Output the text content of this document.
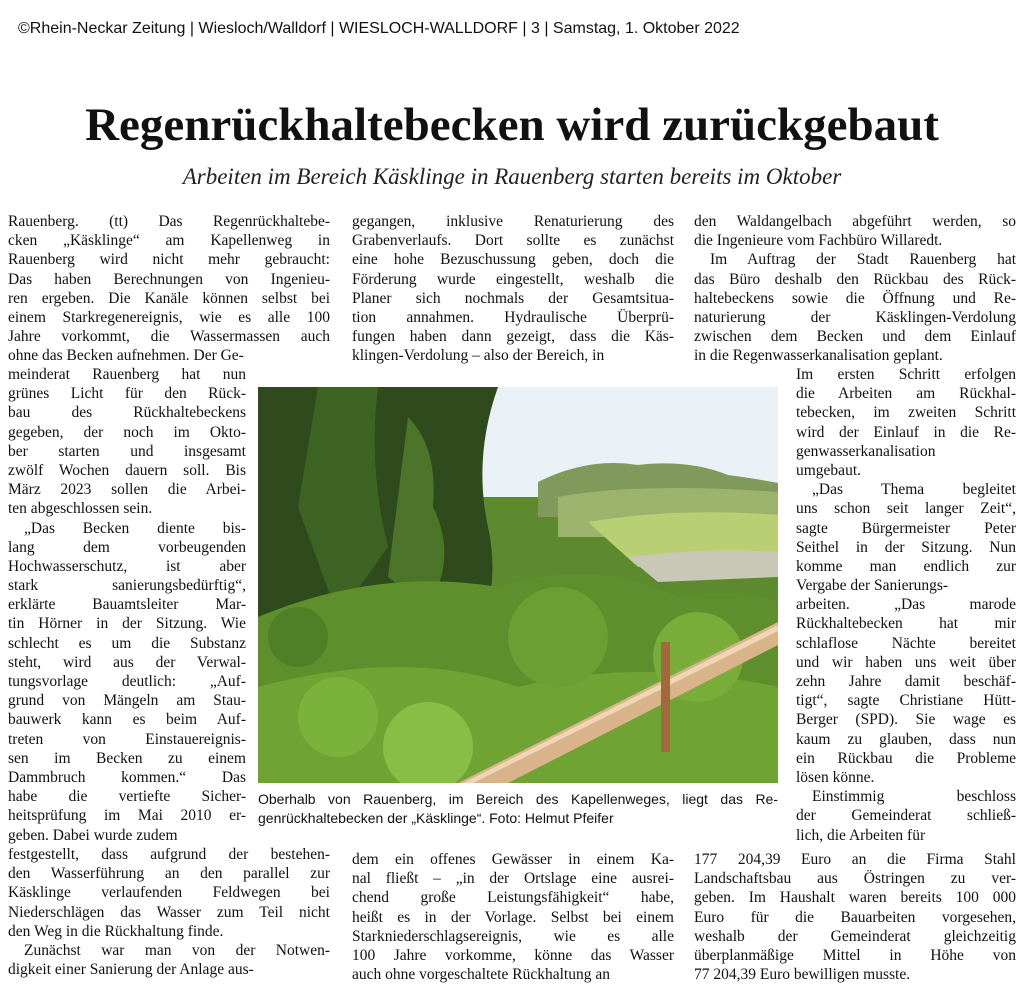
©Rhein-Neckar Zeitung | Wiesloch/Walldorf | WIESLOCH-WALLDORF | 3 | Samstag, 1. Oktober 2022
Regenrückhaltebecken wird zurückgebaut
Arbeiten im Bereich Käsklinge in Rauenberg starten bereits im Oktober
Rauenberg. (tt) Das Regenrückhaltebe-
cken „Käsklinge“ am Kapellenweg in
Rauenberg wird nicht mehr gebraucht:
Das haben Berechnungen von Ingenieu-
ren ergeben. Die Kanäle können selbst bei
einem Starkregenereignis, wie es alle 100
Jahre vorkommt, die Wassermassen auch
ohne das Becken aufnehmen. Der Ge-
meinderat Rauenberg hat nun
grünes Licht für den Rück-
bau des Rückhaltebeckens
gegeben, der noch im Okto-
ber starten und insgesamt
zwölf Wochen dauern soll. Bis
März 2023 sollen die Arbei-
ten abgeschlossen sein.
„Das Becken diente bis-
lang dem vorbeugenden
Hochwasserschutz, ist aber
stark sanierungsbedürftig“,
erklärte Bauamtsleiter Mar-
tin Hörner in der Sitzung. Wie
schlecht es um die Substanz
steht, wird aus der Verwal-
tungsvorlage deutlich: „Auf-
grund von Mängeln am Stau-
bauwerk kann es beim Auf-
treten von Einstauereignis-
sen im Becken zu einem
Dammbruch kommen.“ Das
habe die vertiefte Sicher-
heitsprüfung im Mai 2010 er-
geben. Dabei wurde zudem
festgestellt, dass aufgrund der bestehen-
den Wasserführung an den parallel zur
Käsklinge verlaufenden Feldwegen bei
Niederschlägen das Wasser zum Teil nicht
den Weg in die Rückhaltung finde.
Zunächst war man von der Notwen-
digkeit einer Sanierung der Anlage aus-
gegangen, inklusive Renaturierung des
Grabenverlaufs. Dort sollte es zunächst
eine hohe Bezuschussung geben, doch die
Förderung wurde eingestellt, weshalb die
Planer sich nochmals der Gesamtsitua-
tion annahmen. Hydraulische Überprü-
fungen haben dann gezeigt, dass die Käs-
klingen-Verdolung – also der Bereich, in
dem ein offenes Gewässer in einem Ka-
nal fließt – „in der Ortslage eine ausrei-
chend große Leistungsfähigkeit“ habe,
heißt es in der Vorlage. Selbst bei einem
Starkniederschlagsereignis, wie es alle
100 Jahre vorkomme, könne das Wasser
auch ohne vorgeschaltete Rückhaltung an
den Waldangelbach abgeführt werden, so
die Ingenieure vom Fachbüro Willaredt.
Im Auftrag der Stadt Rauenberg hat
das Büro deshalb den Rückbau des Rück-
haltebeckens sowie die Öffnung und Re-
naturierung der Käsklingen-Verdolung
zwischen dem Becken und dem Einlauf
in die Regenwasserkanalisation geplant.
Im ersten Schritt erfolgen
die Arbeiten am Rückhal-
tebecken, im zweiten Schritt
wird der Einlauf in die Re-
genwasserkanalisation
umgebaut.
„Das Thema begleitet
uns schon seit langer Zeit“,
sagte Bürgermeister Peter
Seithel in der Sitzung. Nun
komme man endlich zur
Vergabe der Sanierungs-
arbeiten. „Das marode
Rückhaltebecken hat mir
schlaflose Nächte bereitet
und wir haben uns weit über
zehn Jahre damit beschäf-
tigt“, sagte Christiane Hütt-
Berger (SPD). Sie wage es
kaum zu glauben, dass nun
ein Rückbau die Probleme
lösen könne.
Einstimmig beschloss
der Gemeinderat schließ-
lich, die Arbeiten für
177 204,39 Euro an die Firma Stahl
Landschaftsbau aus Östringen zu ver-
geben. Im Haushalt waren bereits 100 000
Euro für die Bauarbeiten vorgesehen,
weshalb der Gemeinderat gleichzeitig
überplanmäßige Mittel in Höhe von
77 204,39 Euro bewilligen musste.
Oberhalb von Rauenberg, im Bereich des Kapellenweges, liegt das Re-
genrückhaltebecken der „Käsklinge“. Foto: Helmut Pfeifer
